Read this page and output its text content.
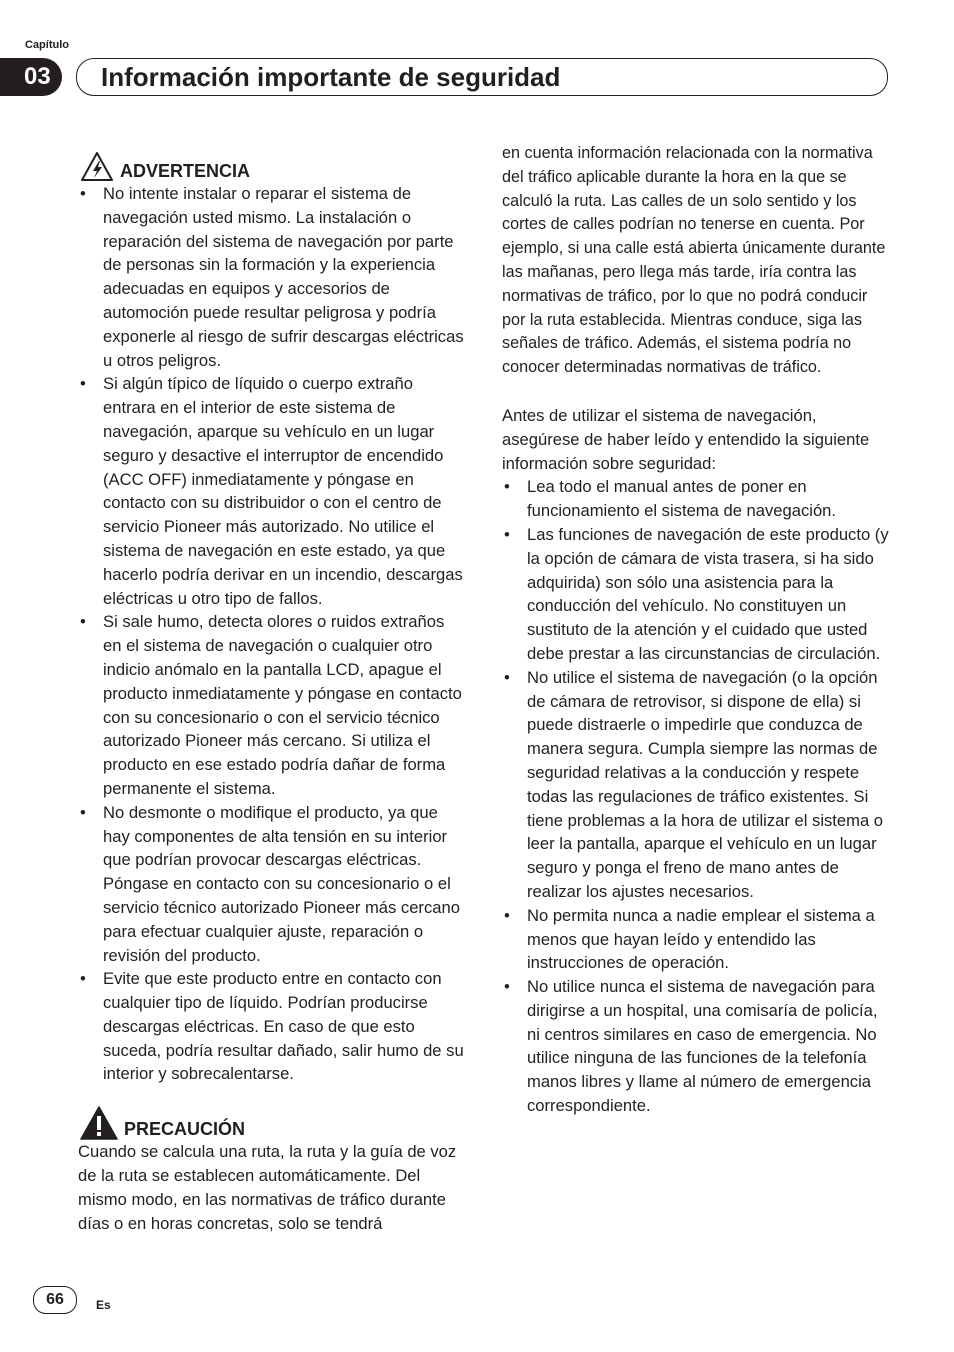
Capítulo
03	Información importante de seguridad
ADVERTENCIA
• No intente instalar o reparar el sistema de navegación usted mismo. La instalación o reparación del sistema de navegación por parte de personas sin la formación y la experiencia adecuadas en equipos y accesorios de automoción puede resultar peligrosa y podría exponerle al riesgo de sufrir descargas eléctricas u otros peligros.
• Si algún típico de líquido o cuerpo extraño entrara en el interior de este sistema de navegación, aparque su vehículo en un lugar seguro y desactive el interruptor de encendido (ACC OFF) inmediatamente y póngase en contacto con su distribuidor o con el centro de servicio Pioneer más autorizado. No utilice el sistema de navegación en este estado, ya que hacerlo podría derivar en un incendio, descargas eléctricas u otro tipo de fallos.
• Si sale humo, detecta olores o ruidos extraños en el sistema de navegación o cualquier otro indicio anómalo en la pantalla LCD, apague el producto inmediatamente y póngase en contacto con su concesionario o con el servicio técnico autorizado Pioneer más cercano. Si utiliza el producto en ese estado podría dañar de forma permanente el sistema.
• No desmonte o modifique el producto, ya que hay componentes de alta tensión en su interior que podrían provocar descargas eléctricas. Póngase en contacto con su concesionario o el servicio técnico autorizado Pioneer más cercano para efectuar cualquier ajuste, reparación o revisión del producto.
• Evite que este producto entre en contacto con cualquier tipo de líquido. Podrían producirse descargas eléctricas. En caso de que esto suceda, podría resultar dañado, salir humo de su interior y sobrecalentarse.
PRECAUCIÓN

Cuando se calcula una ruta, la ruta y la guía de voz de la ruta se establecen automáticamente. Del mismo modo, en las normativas de tráfico durante días o en horas concretas, solo se tendrá

en cuenta información relacionada con la normativa del tráfico aplicable durante la hora en la que se calculó la ruta. Las calles de un solo sentido y los cortes de calles podrían no tenerse en cuenta. Por ejemplo, si una calle está abierta únicamente durante las mañanas, pero llega más tarde, iría contra las normativas de tráfico, por lo que no podrá conducir por la ruta establecida. Mientras conduce, siga las señales de tráfico. Además, el sistema podría no conocer determinadas normativas de tráfico.

Antes de utilizar el sistema de navegación, asegúrese de haber leído y entendido la siguiente información sobre seguridad:

• Lea todo el manual antes de poner en funcionamiento el sistema de navegación.
• Las funciones de navegación de este producto (y la opción de cámara de vista trasera, si ha sido adquirida) son sólo una asistencia para la conducción del vehículo. No constituyen un sustituto de la atención y el cuidado que usted debe prestar a las circunstancias de circulación.
• No utilice el sistema de navegación (o la opción de cámara de retrovisor, si dispone de ella) si puede distraerle o impedirle que conduzca de manera segura. Cumpla siempre las normas de seguridad relativas a la conducción y respete todas las regulaciones de tráfico existentes. Si tiene problemas a la hora de utilizar el sistema o leer la pantalla, aparque el vehículo en un lugar seguro y ponga el freno de mano antes de realizar los ajustes necesarios.
• No permita nunca a nadie emplear el sistema a menos que hayan leído y entendido las instrucciones de operación.
• No utilice nunca el sistema de navegación para dirigirse a un hospital, una comisaría de policía, ni centros similares en caso de emergencia. No utilice ninguna de las funciones de la telefonía manos libres y llame al número de emergencia correspondiente.
66	Es
